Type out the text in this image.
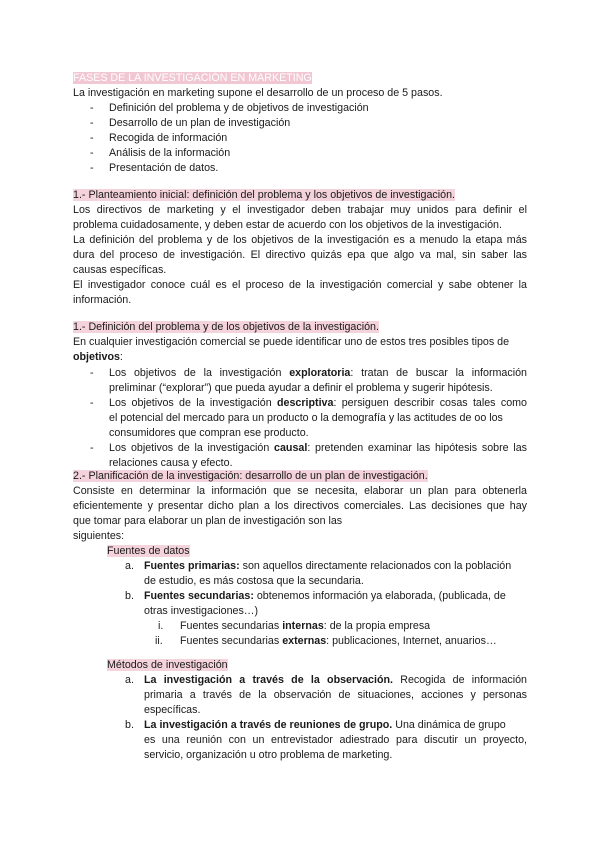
FASES DE LA INVESTIGACIÓN EN MARKETING
La investigación en marketing supone el desarrollo de un proceso de 5 pasos.
- Definición del problema y de objetivos de investigación
- Desarrollo de un plan de investigación
- Recogida de información
- Análisis de la información
- Presentación de datos.
1.- Planteamiento inicial: definición del problema y los objetivos de investigación.
Los directivos de marketing y el investigador deben trabajar muy unidos para definir el
problema cuidadosamente, y deben estar de acuerdo con los objetivos de la investigación.
La definición del problema y de los objetivos de la investigación es a menudo la etapa más
dura del proceso de investigación. El directivo quizás epa que algo va mal, sin saber las
causas específicas.
El investigador conoce cuál es el proceso de la investigación comercial y sabe obtener la
información.
1.- Definición del problema y de los objetivos de la investigación.
En cualquier investigación comercial se puede identificar uno de estos tres posibles tipos de
objetivos:
- Los objetivos de la investigación exploratoria: tratan de buscar la información
preliminar (“explorar”) que pueda ayudar a definir el problema y sugerir hipótesis.
- Los objetivos de la investigación descriptiva: persiguen describir cosas tales como
el potencial del mercado para un producto o la demografía y las actitudes de oo los
consumidores que compran ese producto.
- Los objetivos de la investigación causal: pretenden examinar las hipótesis sobre las
relaciones causa y efecto.
2.- Planificación de la investigación: desarrollo de un plan de investigación.
Consiste en determinar la información que se necesita, elaborar un plan para obtenerla
eficientemente y presentar dicho plan a los directivos comerciales. Las decisiones que hay
que tomar para elaborar un plan de investigación son las
siguientes:
Fuentes de datos
a. Fuentes primarias: son aquellos directamente relacionados con la población
de estudio, es más costosa que la secundaria.
b. Fuentes secundarias: obtenemos información ya elaborada, (publicada, de
otras investigaciones…)
i. Fuentes secundarias internas: de la propia empresa
ii. Fuentes secundarias externas: publicaciones, Internet, anuarios…
Métodos de investigación
a. La investigación a través de la observación. Recogida de información
primaria a través de la observación de situaciones, acciones y personas
específicas.
b. La investigación a través de reuniones de grupo. Una dinámica de grupo
es una reunión con un entrevistador adiestrado para discutir un proyecto,
servicio, organización u otro problema de marketing.
